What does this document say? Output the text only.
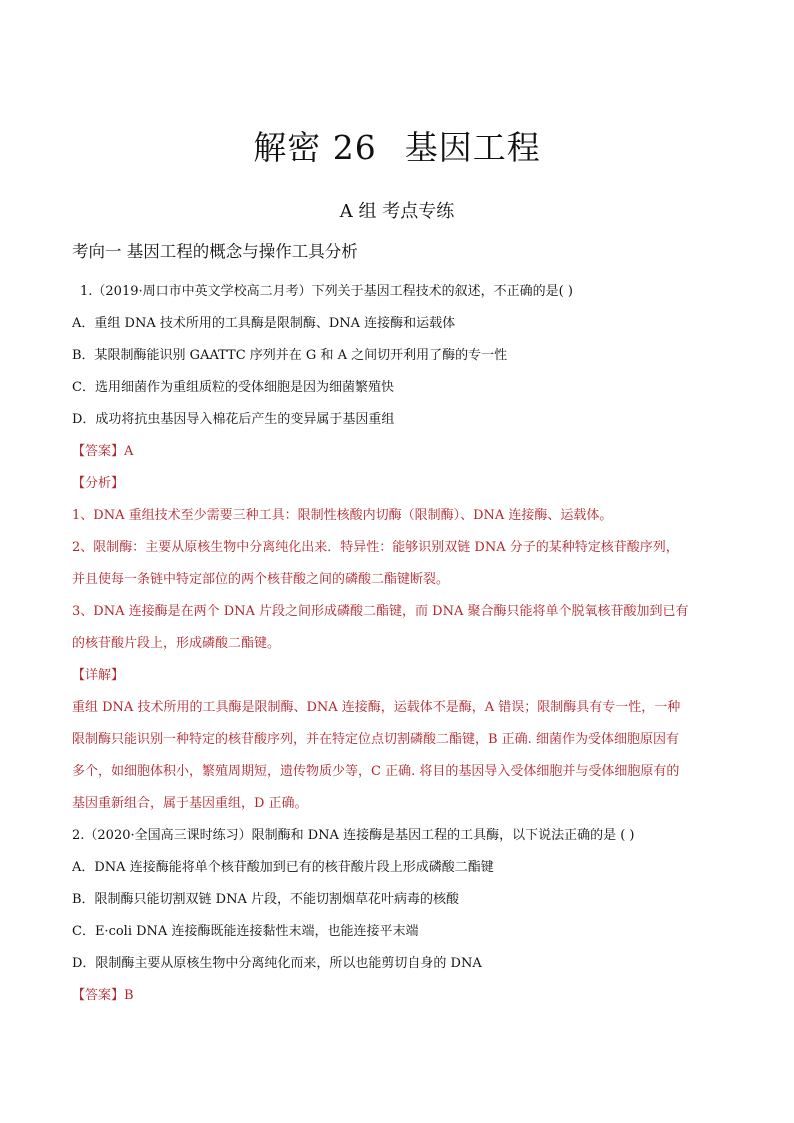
解密 26 基因工程
A 组 考点专练
考向一 基因工程的概念与操作工具分析
1.（2019·周口市中英文学校高二月考）下列关于基因工程技术的叙述，不正确的是( )
A．重组 DNA 技术所用的工具酶是限制酶、DNA 连接酶和运载体
B．某限制酶能识别 GAATTC 序列并在 G 和 A 之间切开利用了酶的专一性
C．选用细菌作为重组质粒的受体细胞是因为细菌繁殖快
D．成功将抗虫基因导入棉花后产生的变异属于基因重组
【答案】A
【分析】
1、DNA 重组技术至少需要三种工具：限制性核酸内切酶（限制酶）、DNA 连接酶、运载体。
2、限制酶：主要从原核生物中分离纯化出来．特异性：能够识别双链 DNA 分子的某种特定核苷酸序列，
并且使每一条链中特定部位的两个核苷酸之间的磷酸二酯键断裂。
3、DNA 连接酶是在两个 DNA 片段之间形成磷酸二酯键，而 DNA 聚合酶只能将单个脱氧核苷酸加到已有
的核苷酸片段上，形成磷酸二酯键。
【详解】
重组 DNA 技术所用的工具酶是限制酶、DNA 连接酶，运载体不是酶，A 错误；限制酶具有专一性，一种
限制酶只能识别一种特定的核苷酸序列，并在特定位点切割磷酸二酯键，B 正确. 细菌作为受体细胞原因有
多个，如细胞体积小，繁殖周期短，遗传物质少等，C 正确. 将目的基因导入受体细胞并与受体细胞原有的
基因重新组合，属于基因重组，D 正确。
2.（2020·全国高三课时练习）限制酶和 DNA 连接酶是基因工程的工具酶，以下说法正确的是 ( )
A．DNA 连接酶能将单个核苷酸加到已有的核苷酸片段上形成磷酸二酯键
B．限制酶只能切割双链 DNA 片段，不能切割烟草花叶病毒的核酸
C．E·coli DNA 连接酶既能连接黏性末端，也能连接平末端
D．限制酶主要从原核生物中分离纯化而来，所以也能剪切自身的 DNA
【答案】B
